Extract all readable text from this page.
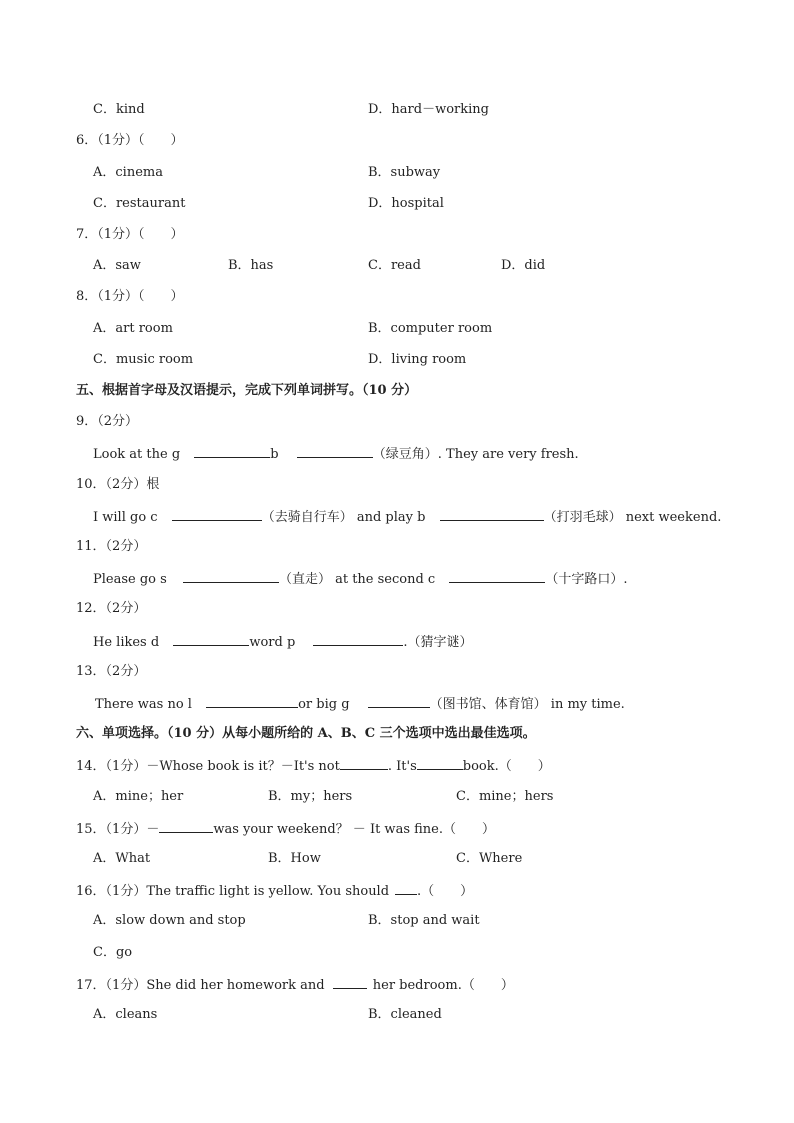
C．kind	D．hard－working
6．（1分）（　　）
A．cinema	B．subway
C．restaurant	D．hospital
7．（1分）（　　）
A．saw	B．has	C．read	D．did
8．（1分）（　　）
A．art room	B．computer room
C．music room	D．living room
五、根据首字母及汉语提示，完成下列单词拼写。（10 分）
9．（2分）
Look at the g	b	（绿豆角）. They are very fresh.
10．（2分）根
I will go c	（去骑自行车） and play b	（打羽毛球） next weekend.
11．（2分）
Please go s	（直走） at the second c	（十字路口）.
12．（2分）
He likes d	word p	.（猜字谜）
13．（2分）
There was no l	or big g	（图书馆、体育馆） in my time.
六、单项选择。（10 分）从每小题所给的 A、B、C 三个选项中选出最佳选项。
14．（1分）－Whose book is it？－It's not	. It's	book.（　　）
A．mine；her	B．my；hers	C．mine；hers
15．（1分）－	was your weekend？ － It was fine.（　　）
A．What	B．How	C．Where
16．（1分）The traffic light is yellow. You should .（　　）
A．slow down and stop	B．stop and wait
C．go
17．（1分）She did her homework and	her bedroom.（　　）
A．cleans	B．cleaned
